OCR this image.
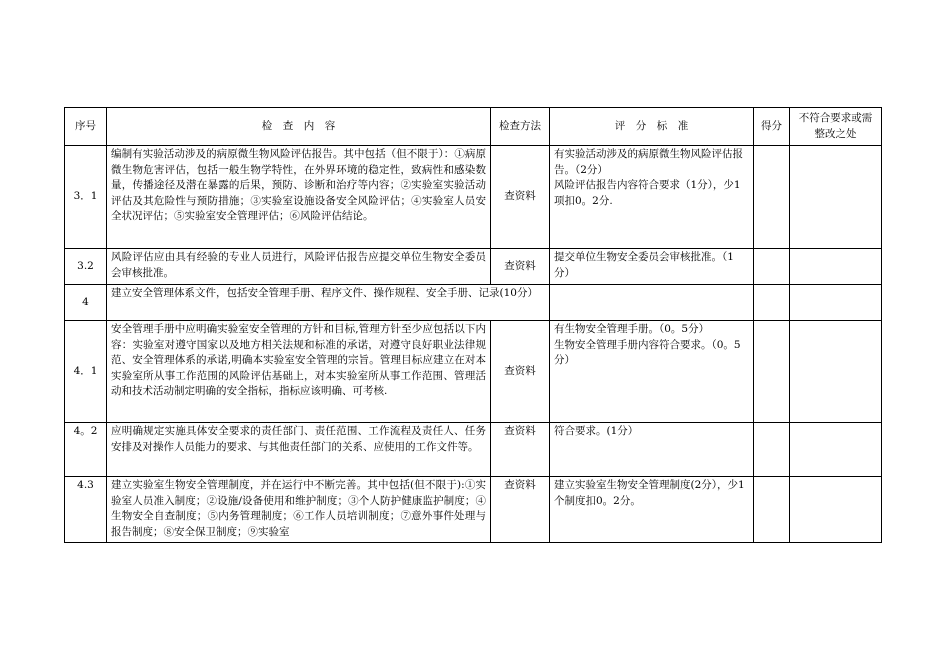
序号	检　查　内　容	检查方法	评　分　标　准	得分	不符合要求或需整改之处
3．1	编制有实验活动涉及的病原微生物风险评估报告。其中包括（但不限于）：①病原微生物危害评估，包括一般生物学特性，在外界环境的稳定性，致病性和感染数量，传播途径及潜在暴露的后果，预防、诊断和治疗等内容；②实验室实验活动评估及其危险性与预防措施；③实验室设施设备安全风险评估；④实验室人员安全状况评估；⑤实验室安全管理评估；⑥风险评估结论。	查资料	有实验活动涉及的病原微生物风险评估报告。（2分）
风险评估报告内容符合要求（1分），少1项扣0。2分.		

3.2	风险评估应由具有经验的专业人员进行，风险评估报告应提交单位生物安全委员会审核批准。	查资料	提交单位生物安全委员会审核批准。（1分）		

4	建立安全管理体系文件，包括安全管理手册、程序文件、操作规程、安全手册、记录(10分）				
4．1	安全管理手册中应明确实验室安全管理的方针和目标,管理方针至少应包括以下内容：实验室对遵守国家以及地方相关法规和标准的承诺，对遵守良好职业法律规范、安全管理体系的承诺,明确本实验室安全管理的宗旨。管理目标应建立在对本实验室所从事工作范围的风险评估基础上，对本实验室所从事工作范围、管理活动和技术活动制定明确的安全指标，指标应该明确、可考核.	查资料	有生物安全管理手册。（0。5分）
生物安全管理手册内容符合要求。（0。5分）		

4。2	应明确规定实施具体安全要求的责任部门、责任范围、工作流程及责任人、任务安排及对操作人员能力的要求、与其他责任部门的关系、应使用的工作文件等。	查资料	符合要求。(1分）		

4.3	建立实验室生物安全管理制度，并在运行中不断完善。其中包括(但不限于):①实验室人员准入制度；②设施/设备使用和维护制度；③个人防护健康监护制度；④生物安全自查制度；⑤内务管理制度；⑥工作人员培训制度；⑦意外事件处理与报告制度；⑧安全保卫制度；⑨实验室	查资料	建立实验室生物安全管理制度(2分），少1个制度扣0。2分。		
